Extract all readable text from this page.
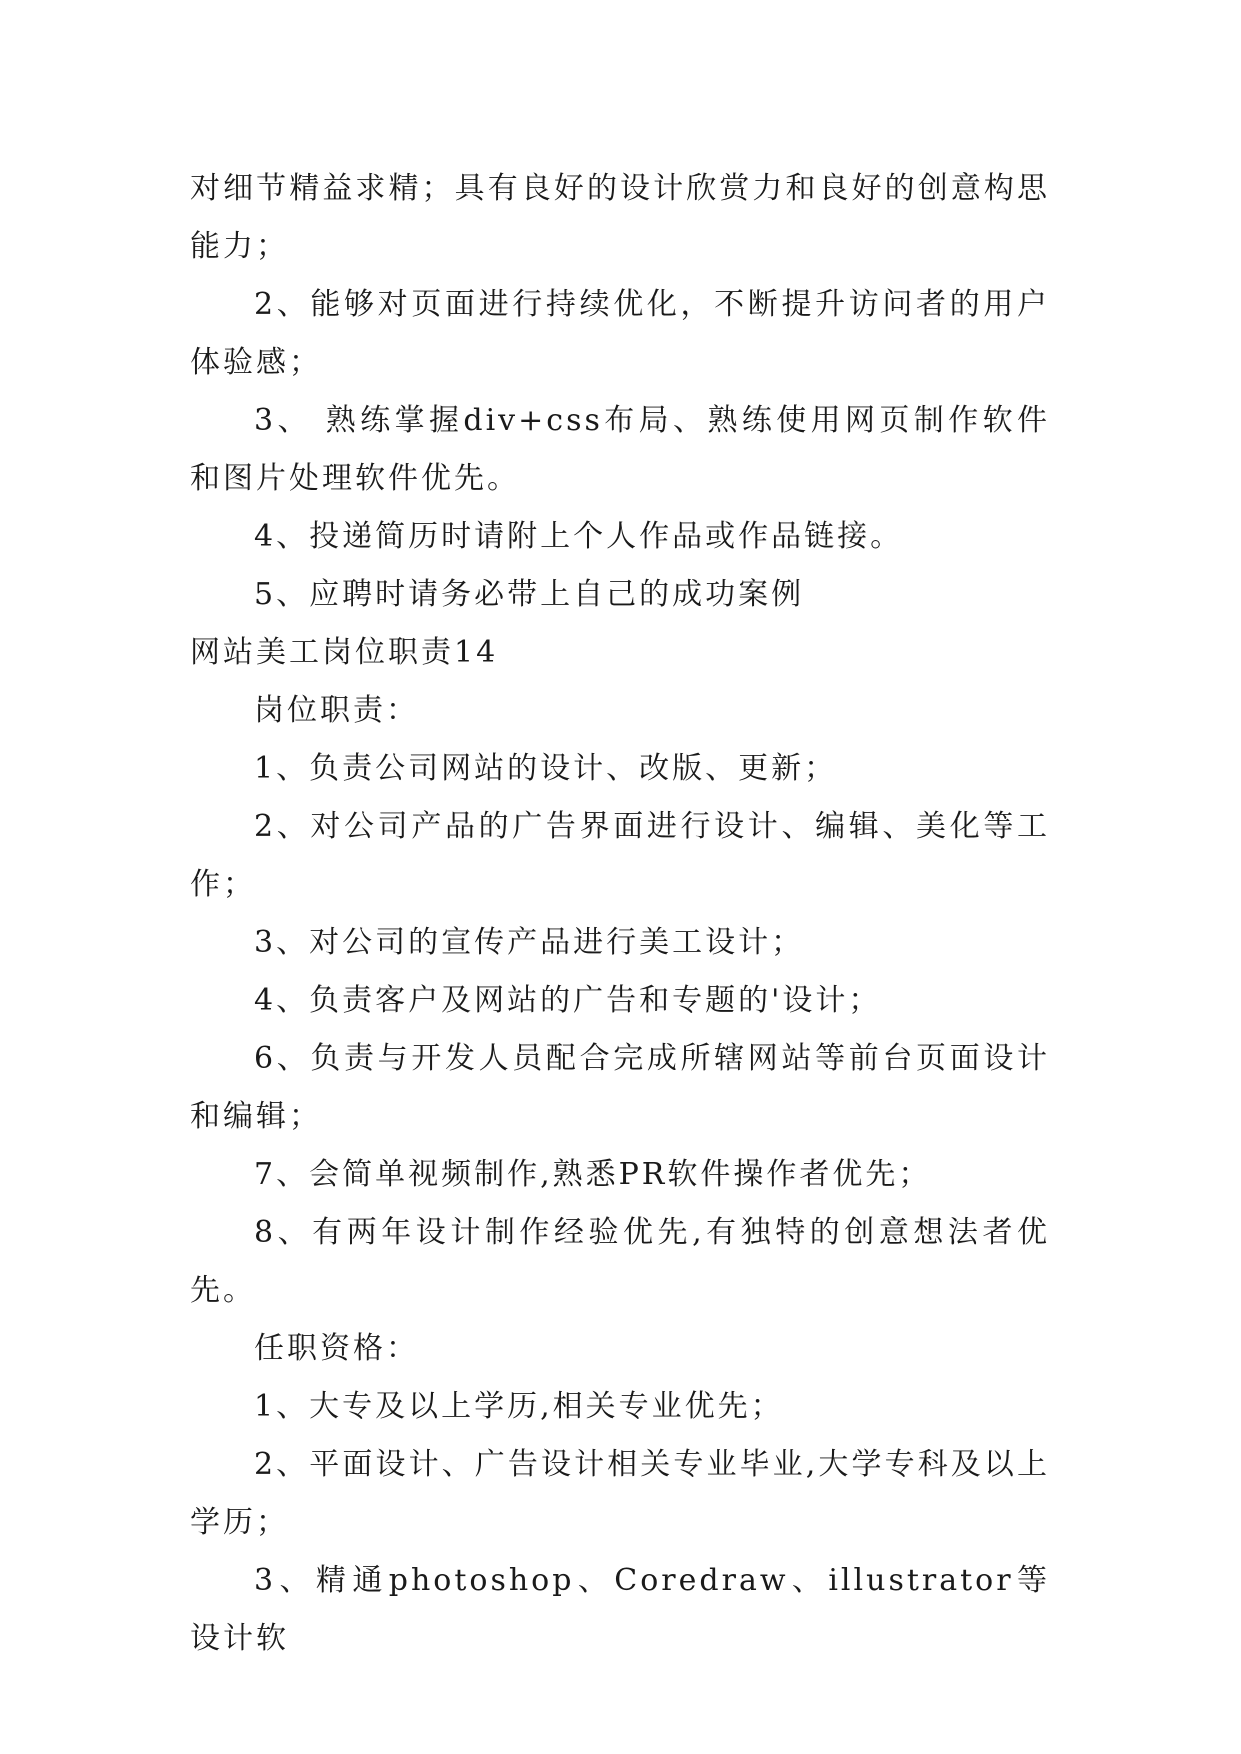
对细节精益求精；具有良好的设计欣赏力和良好的创意构思能力；

2、能够对页面进行持续优化，不断提升访问者的用户体验感；

3、 熟练掌握div+css布局、熟练使用网页制作软件和图片处理软件优先。

4、投递简历时请附上个人作品或作品链接。

5、应聘时请务必带上自己的成功案例

网站美工岗位职责14

岗位职责：

1、负责公司网站的设计、改版、更新；

2、对公司产品的广告界面进行设计、编辑、美化等工作；

3、对公司的宣传产品进行美工设计；

4、负责客户及网站的广告和专题的'设计；

6、负责与开发人员配合完成所辖网站等前台页面设计和编辑；

7、会简单视频制作,熟悉PR软件操作者优先；

8、有两年设计制作经验优先,有独特的创意想法者优先。

任职资格：

1、大专及以上学历,相关专业优先；

2、平面设计、广告设计相关专业毕业,大学专科及以上学历；

3、精通photoshop、Coredraw、illustrator等设计软
